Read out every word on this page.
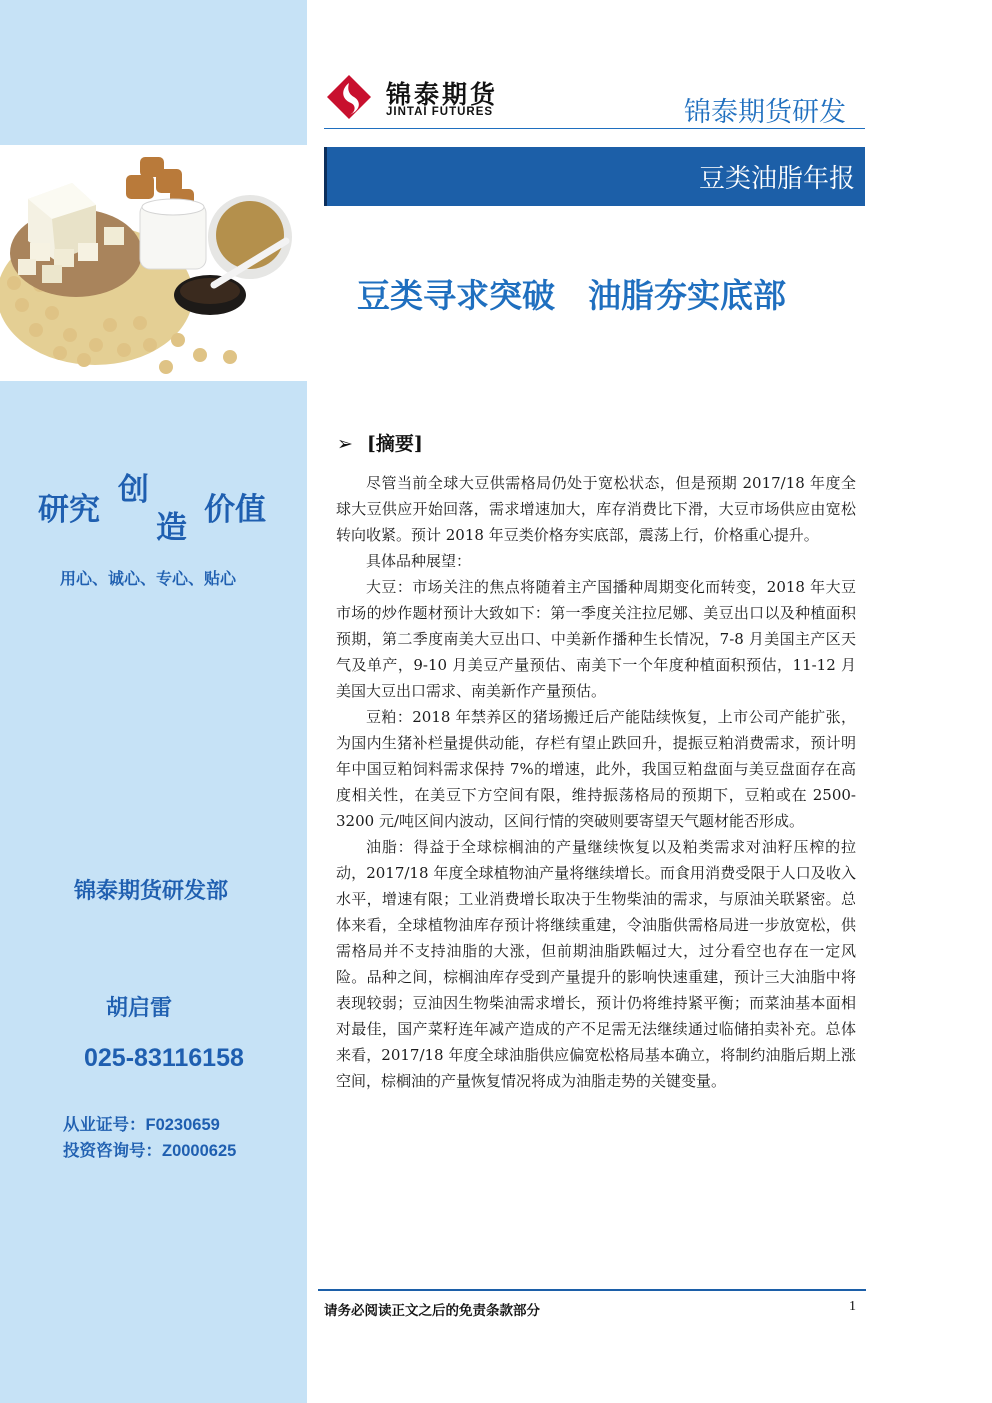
锦泰期货
JINTAI FUTURES	锦泰期货研发
豆类油脂年报
豆类寻求突破　油脂夯实底部
研究
创
造 价值
用心、诚心、专心、贴心
锦泰期货研发部
胡启雷
025-83116158
从业证号：F0230659
投资咨询号：Z0000625
➢ [摘要]

尽管当前全球大豆供需格局仍处于宽松状态，但是预期 2017/18 年度全球大豆供应开始回落，需求增速加大，库存消费比下滑，大豆市场供应由宽松转向收紧。预计 2018 年豆类价格夯实底部，震荡上行，价格重心提升。

具体品种展望：

大豆：市场关注的焦点将随着主产国播种周期变化而转变，2018 年大豆市场的炒作题材预计大致如下：第一季度关注拉尼娜、美豆出口以及种植面积预期，第二季度南美大豆出口、中美新作播种生长情况，7-8 月美国主产区天气及单产，9-10 月美豆产量预估、南美下一个年度种植面积预估，11-12 月美国大豆出口需求、南美新作产量预估。

豆粕：2018 年禁养区的猪场搬迁后产能陆续恢复，上市公司产能扩张，为国内生猪补栏量提供动能，存栏有望止跌回升，提振豆粕消费需求，预计明年中国豆粕饲料需求保持 7%的增速，此外，我国豆粕盘面与美豆盘面存在高度相关性，在美豆下方空间有限，维持振荡格局的预期下，豆粕或在 2500-3200 元/吨区间内波动，区间行情的突破则要寄望天气题材能否形成。

油脂：得益于全球棕榈油的产量继续恢复以及粕类需求对油籽压榨的拉动，2017/18 年度全球植物油产量将继续增长。而食用消费受限于人口及收入水平，增速有限；工业消费增长取决于生物柴油的需求，与原油关联紧密。总体来看，全球植物油库存预计将继续重建，令油脂供需格局进一步放宽松，供需格局并不支持油脂的大涨，但前期油脂跌幅过大，过分看空也存在一定风险。品种之间，棕榈油库存受到产量提升的影响快速重建，预计三大油脂中将表现较弱；豆油因生物柴油需求增长，预计仍将维持紧平衡；而菜油基本面相对最佳，国产菜籽连年减产造成的产不足需无法继续通过临储拍卖补充。总体来看，2017/18 年度全球油脂供应偏宽松格局基本确立，将制约油脂后期上涨空间，棕榈油的产量恢复情况将成为油脂走势的关键变量。

请务必阅读正文之后的免责条款部分	1
